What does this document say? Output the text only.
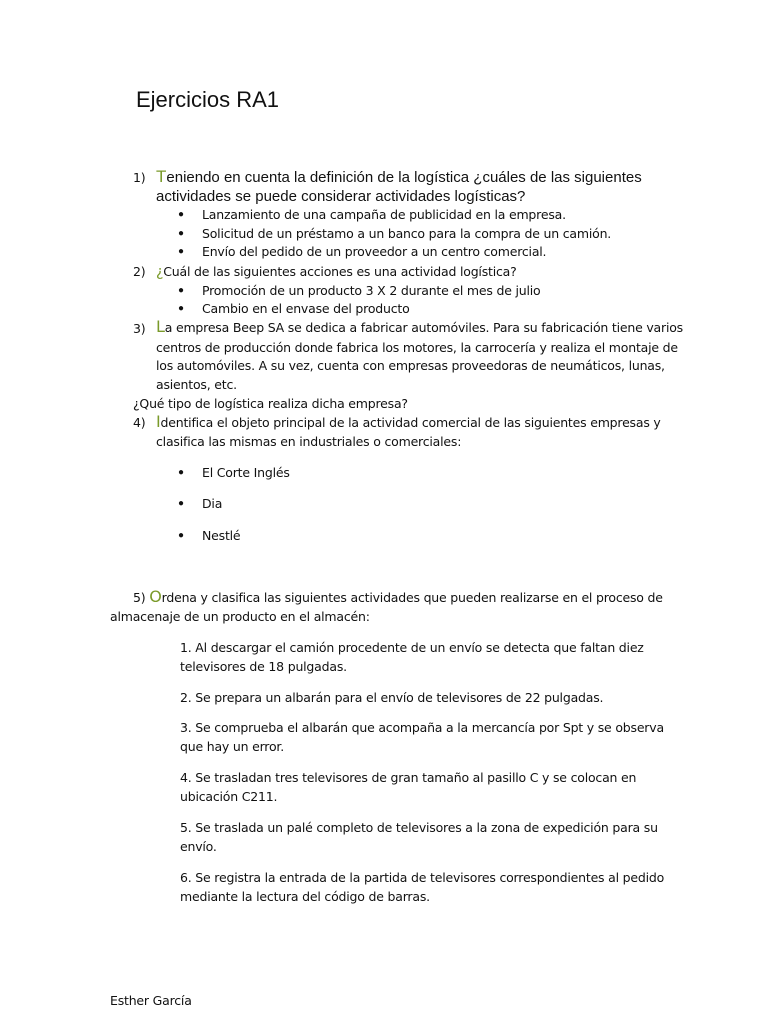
Ejercicios RA1
1) Teniendo en cuenta la definición de la logística ¿cuáles de las siguientes
actividades se puede considerar actividades logísticas?
● Lanzamiento de una campaña de publicidad en la empresa.
● Solicitud de un préstamo a un banco para la compra de un camión.
● Envío del pedido de un proveedor a un centro comercial.
2) ¿Cuál de las siguientes acciones es una actividad logística?
● Promoción de un producto 3 X 2 durante el mes de julio
● Cambio en el envase del producto
3) La empresa Beep SA se dedica a fabricar automóviles. Para su fabricación tiene varios
centros de producción donde fabrica los motores, la carrocería y realiza el montaje de
los automóviles. A su vez, cuenta con empresas proveedoras de neumáticos, lunas,
asientos, etc.
¿Qué tipo de logística realiza dicha empresa?
4) Identifica el objeto principal de la actividad comercial de las siguientes empresas y
clasifica las mismas en industriales o comerciales:
● El Corte Inglés
● Dia
● Nestlé
5) Ordena y clasifica las siguientes actividades que pueden realizarse en el proceso de
almacenaje de un producto en el almacén:
1. Al descargar el camión procedente de un envío se detecta que faltan diez televisores de 18 pulgadas.
2. Se prepara un albarán para el envío de televisores de 22 pulgadas.
3. Se comprueba el albarán que acompaña a la mercancía por Spt y se observa que hay un error.
4. Se trasladan tres televisores de gran tamaño al pasillo C y se colocan en ubicación C211.
5. Se traslada un palé completo de televisores a la zona de expedición para su envío.
6. Se registra la entrada de la partida de televisores correspondientes al pedido mediante la lectura del código de barras.
Esther García
